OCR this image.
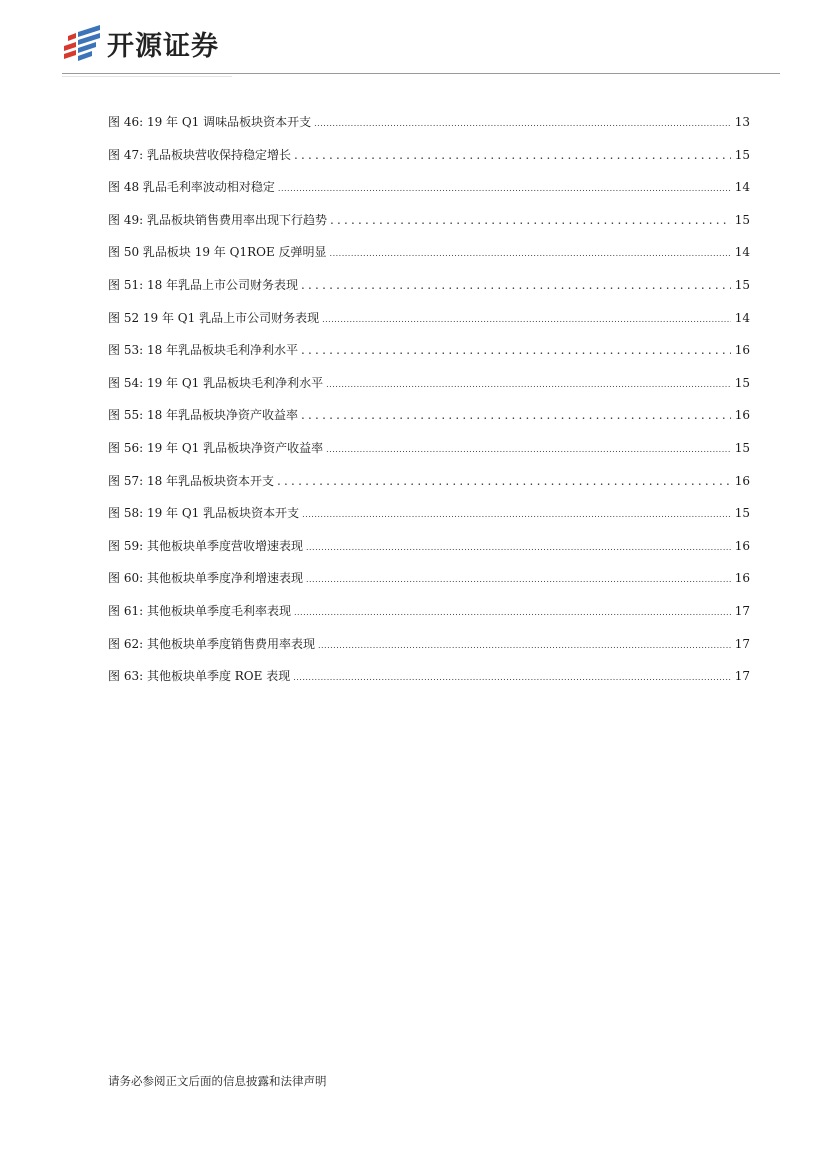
开源证券
图 46: 19 年 Q1 调味品板块资本开支 .....	13
图 47: 乳品板块营收保持稳定增长 .....	15
图 48 乳品毛利率波动相对稳定 .....	14
图 49: 乳品板块销售费用率出现下行趋势 .....	15
图 50 乳品板块 19 年 Q1ROE 反弹明显 .....	14
图 51: 18 年乳品上市公司财务表现 .....	15
图 52 19 年 Q1 乳品上市公司财务表现 .....	14
图 53: 18 年乳品板块毛利净利水平 .....	16
图 54: 19 年 Q1 乳品板块毛利净利水平 .....	15
图 55: 18 年乳品板块净资产收益率 .....	16
图 56: 19 年 Q1 乳品板块净资产收益率 .....	15
图 57: 18 年乳品板块资本开支 .....	16
图 58: 19 年 Q1 乳品板块资本开支 .....	15
图 59: 其他板块单季度营收增速表现 .....	16
图 60: 其他板块单季度净利增速表现 .....	16
图 61: 其他板块单季度毛利率表现 .....	17
图 62: 其他板块单季度销售费用率表现 .....	17
图 63: 其他板块单季度 ROE 表现 .....	17
请务必参阅正文后面的信息披露和法律声明
